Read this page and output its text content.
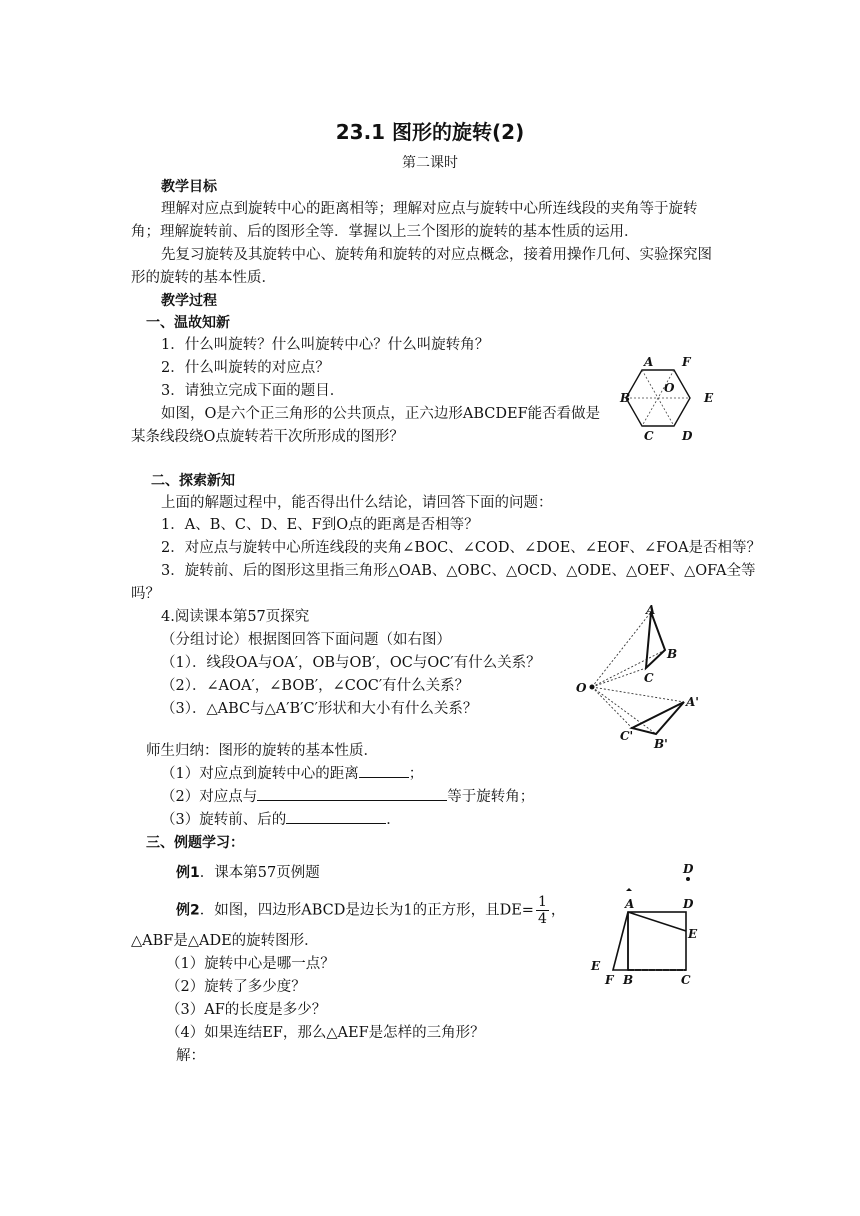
23.1 图形的旋转(2)
第二课时
教学目标
理解对应点到旋转中心的距离相等；理解对应点与旋转中心所连线段的夹角等于旋转
角；理解旋转前、后的图形全等．掌握以上三个图形的旋转的基本性质的运用．
先复习旋转及其旋转中心、旋转角和旋转的对应点概念，接着用操作几何、实验探究图
形的旋转的基本性质．
教学过程
一、温故知新
1．什么叫旋转？什么叫旋转中心？什么叫旋转角？
2．什么叫旋转的对应点？
3．请独立完成下面的题目．
如图，O是六个正三角形的公共顶点，正六边形ABCDEF能否看做是
某条线段绕O点旋转若干次所形成的图形？
A F
B
O
E
C D
二、探索新知
上面的解题过程中，能否得出什么结论，请回答下面的问题：
1．A、B、C、D、E、F到O点的距离是否相等？
2．对应点与旋转中心所连线段的夹角∠BOC、∠COD、∠DOE、∠EOF、∠FOA是否相等？
3．旋转前、后的图形这里指三角形△OAB、△OBC、△OCD、△ODE、△OEF、△OFA全等
吗？
4.阅读课本第57页探究
（分组讨论）根据图回答下面问题（如右图）
（1）．线段OA与OA′，OB与OB′，OC与OC′有什么关系？
（2）．∠AOA′，∠BOB′，∠COC′有什么关系？
（3）．△ABC与△A′B′C′形状和大小有什么关系？
A
B
C
O
A'
C'
B'
师生归纳：图形的旋转的基本性质．
（1）对应点到旋转中心的距离	；
（2）对应点与	等于旋转角；
（3）旋转前、后的	．
三、例题学习：
例1．课本第57页例题
例2．如图，四边形ABCD是边长为1的正方形，且$DE= \frac{1}{4}$ ，
△ABF是△ADE的旋转图形．
（1）旋转中心是哪一点？
（2）旋转了多少度？
（3）AF的长度是多少？
（4）如果连结EF，那么△AEF是怎样的三角形？
解：
D
A	D
E
E
F B	C
